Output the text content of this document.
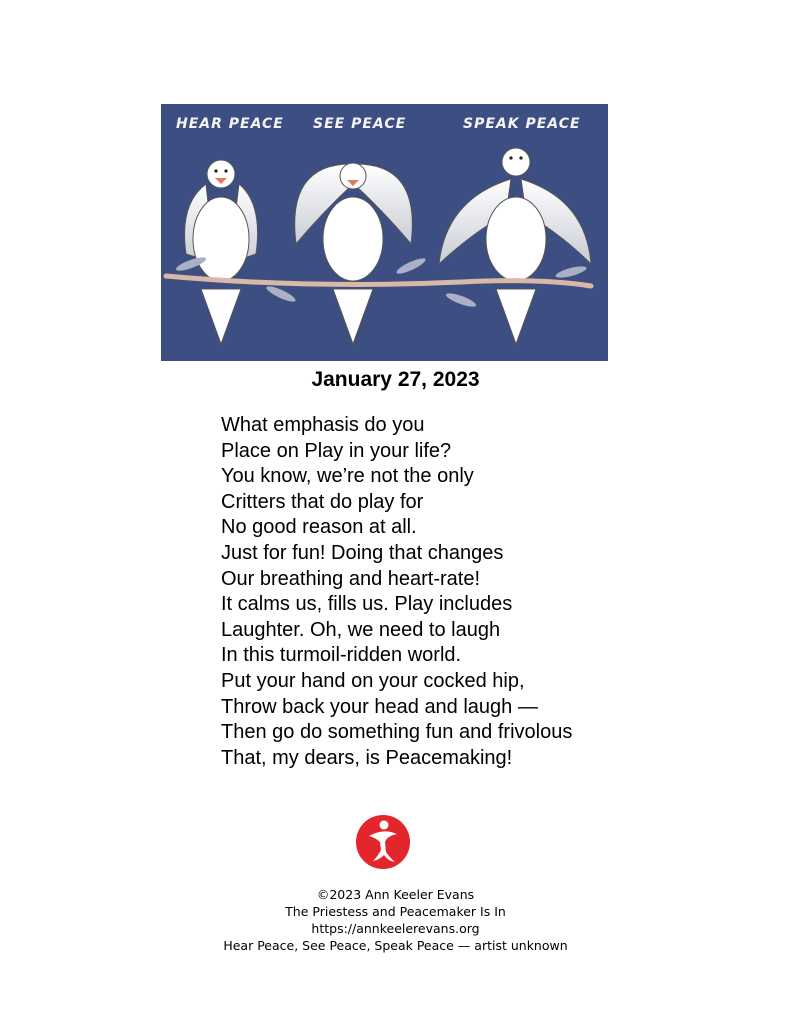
HEAR PEACE SEE PEACE	SPEAK PEACE
January 27, 2023
What emphasis do you
Place on Play in your life?
You know, we’re not the only
Critters that do play for
No good reason at all.
Just for fun! Doing that changes
Our breathing and heart-rate!
It calms us, fills us. Play includes
Laughter. Oh, we need to laugh
In this turmoil-ridden world.
Put your hand on your cocked hip,
Throw back your head and laugh —
Then go do something fun and frivolous
That, my dears, is Peacemaking!
©2023 Ann Keeler Evans
The Priestess and Peacemaker Is In
https://annkeelerevans.org
Hear Peace, See Peace, Speak Peace — artist unknown
